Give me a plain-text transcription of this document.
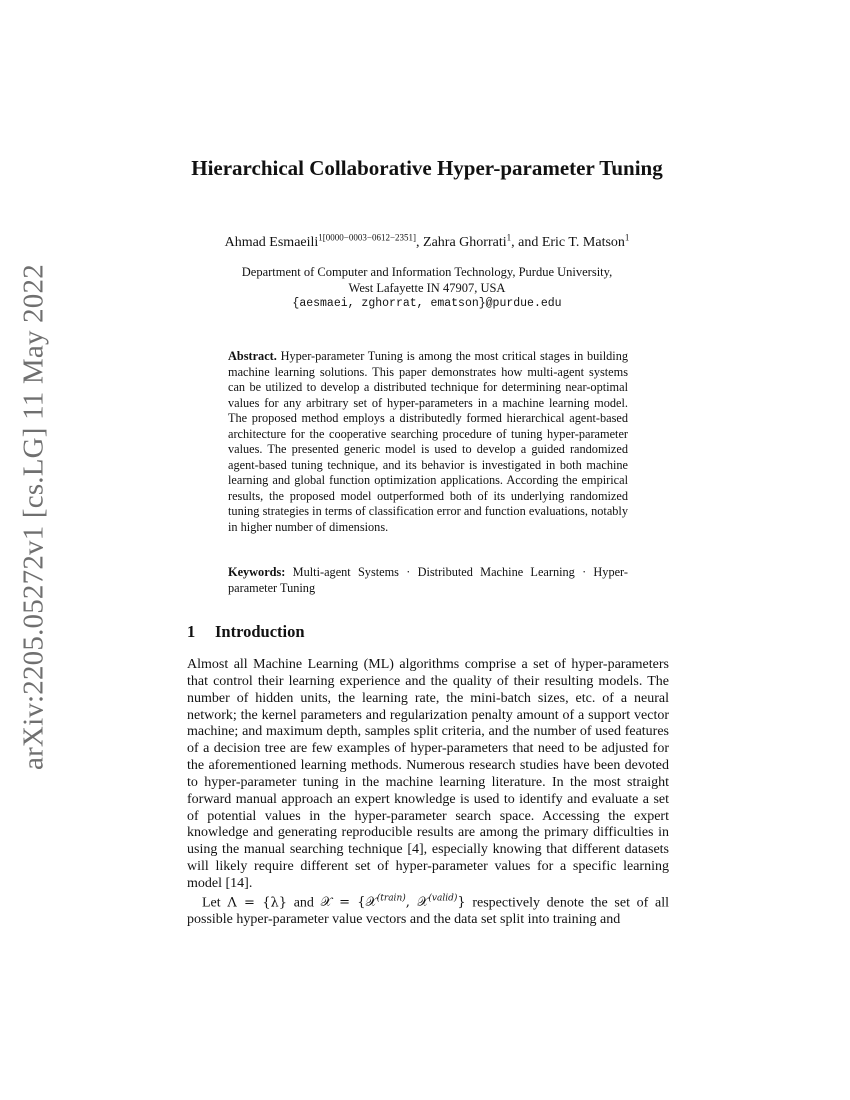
arXiv:2205.05272v1 [cs.LG] 11 May 2022
Hierarchical Collaborative Hyper-parameter Tuning
Ahmad Esmaeili$^{1[0000-0003-0612-2351]}$, Zahra Ghorrati$^1$, and Eric T. Matson$^1$
Department of Computer and Information Technology, Purdue University,
West Lafayette IN 47907, USA
{aesmaei, zghorrat, ematson}@purdue.edu

Abstract. Hyper-parameter Tuning is among the most critical stages in building machine learning solutions. This paper demonstrates how multi-agent systems can be utilized to develop a distributed technique for determining near-optimal values for any arbitrary set of hyper-parameters in a machine learning model. The proposed method employs a distributedly formed hierarchical agent-based architecture for the cooperative searching procedure of tuning hyper-parameter values. The presented generic model is used to develop a guided randomized agent-based tuning technique, and its behavior is investigated in both machine learning and global function optimization applications. According the empirical results, the proposed model outperformed both of its underlying randomized tuning strategies in terms of classification error and function evaluations, notably in higher number of dimensions.

Keywords: Multi-agent Systems · Distributed Machine Learning · Hyper-parameter Tuning

1 Introduction

Almost all Machine Learning (ML) algorithms comprise a set of hyper-parameters that control their learning experience and the quality of their resulting models. The number of hidden units, the learning rate, the mini-batch sizes, etc. of a neural network; the kernel parameters and regularization penalty amount of a support vector machine; and maximum depth, samples split criteria, and the number of used features of a decision tree are few examples of hyper-parameters that need to be adjusted for the aforementioned learning methods. Numerous research studies have been devoted to hyper-parameter tuning in the machine learning literature. In the most straight forward manual approach an expert knowledge is used to identify and evaluate a set of potential values in the hyper-parameter search space. Accessing the expert knowledge and generating reproducible results are among the primary difficulties in using the manual searching technique [4], especially knowing that different datasets will likely require different set of hyper-parameter values for a specific learning model [14].

Let Λ = {λ} and 𝒳 = {𝒳$^{(train)}$, 𝒳$^{(valid)}$} respectively denote the set of all possible hyper-parameter value vectors and the data set split into training and
